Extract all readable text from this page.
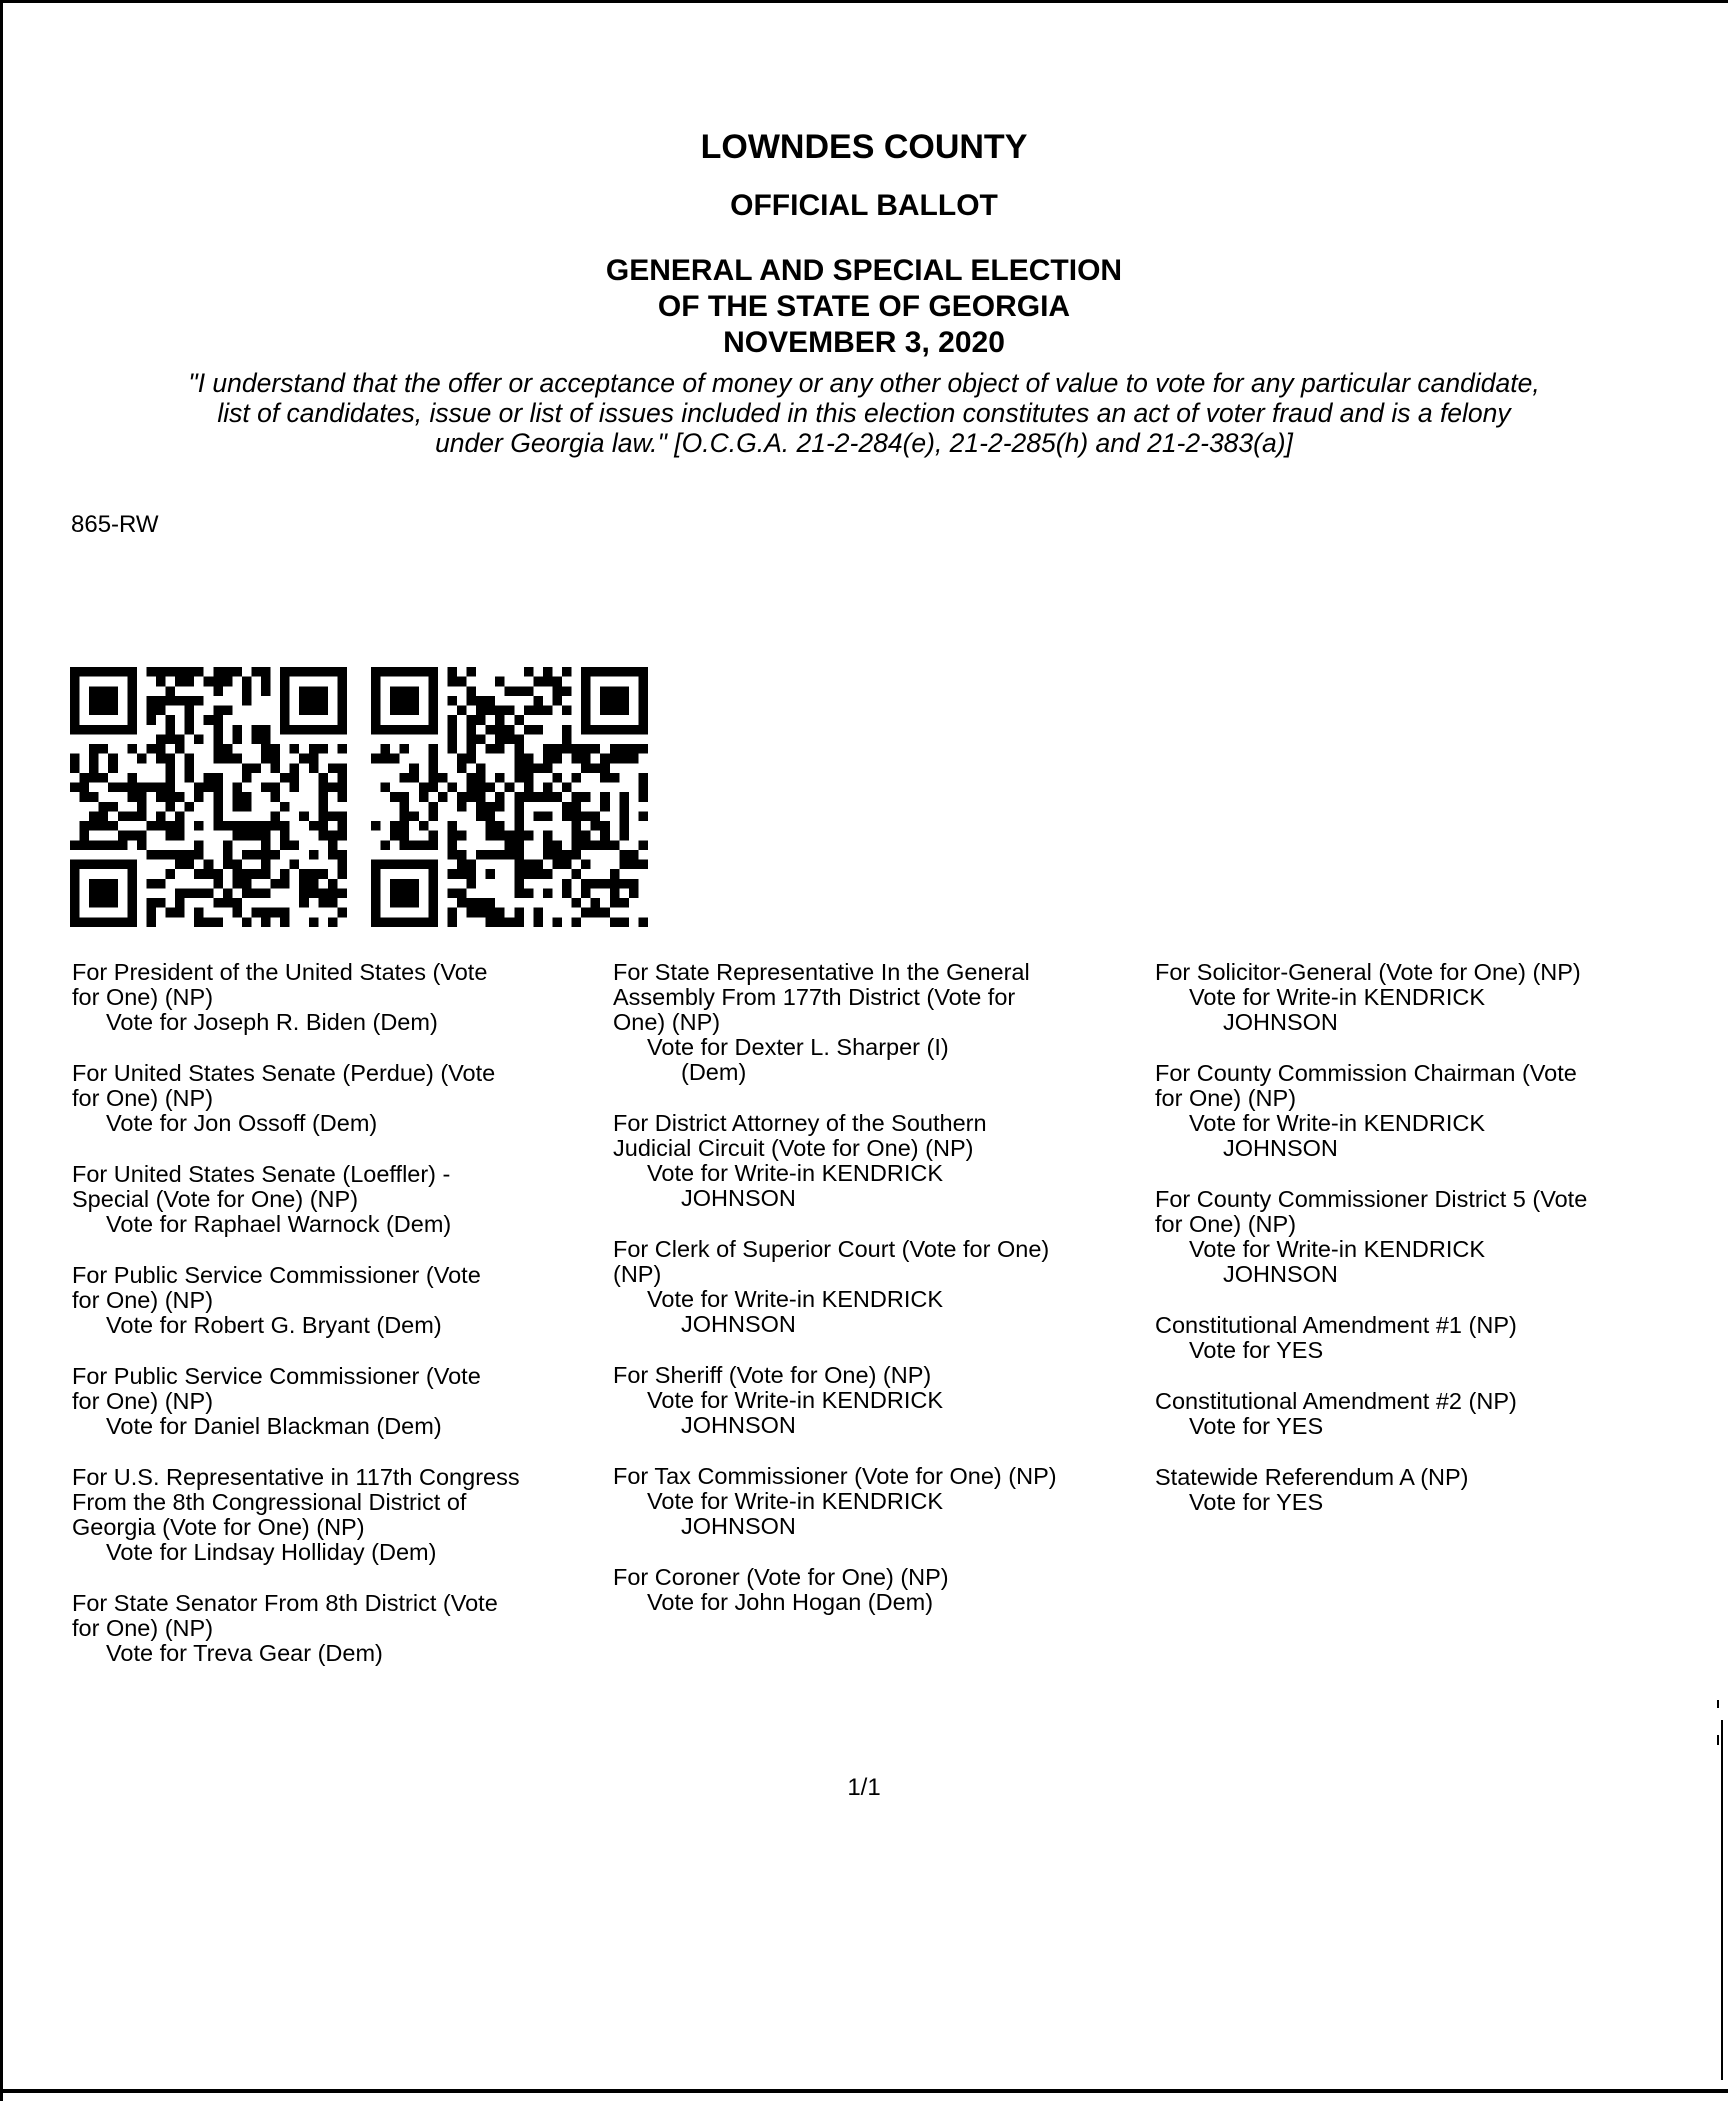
LOWNDES COUNTY
OFFICIAL BALLOT
GENERAL AND SPECIAL ELECTION
OF THE STATE OF GEORGIA
NOVEMBER 3, 2020
"I understand that the offer or acceptance of money or any other object of value to vote for any particular candidate,
list of candidates, issue or list of issues included in this election constitutes an act of voter fraud and is a felony
under Georgia law." [O.C.G.A. 21-2-284(e), 21-2-285(h) and 21-2-383(a)]
865-RW
For President of the United States (Vote
for One) (NP)
Vote for Joseph R. Biden (Dem)
For United States Senate (Perdue) (Vote
for One) (NP)
Vote for Jon Ossoff (Dem)
For United States Senate (Loeffler) -
Special (Vote for One) (NP)
Vote for Raphael Warnock (Dem)
For Public Service Commissioner (Vote
for One) (NP)
Vote for Robert G. Bryant (Dem)
For Public Service Commissioner (Vote
for One) (NP)
Vote for Daniel Blackman (Dem)
For U.S. Representative in 117th Congress
From the 8th Congressional District of
Georgia (Vote for One) (NP)
Vote for Lindsay Holliday (Dem)
For State Senator From 8th District (Vote
for One) (NP)
Vote for Treva Gear (Dem)
For State Representative In the General
Assembly From 177th District (Vote for
One) (NP)
Vote for Dexter L. Sharper (I)
(Dem)
For District Attorney of the Southern
Judicial Circuit (Vote for One) (NP)
Vote for Write-in KENDRICK
JOHNSON
For Clerk of Superior Court (Vote for One)
(NP)
Vote for Write-in KENDRICK
JOHNSON
For Sheriff (Vote for One) (NP)
Vote for Write-in KENDRICK
JOHNSON
For Tax Commissioner (Vote for One) (NP)
Vote for Write-in KENDRICK
JOHNSON
For Coroner (Vote for One) (NP)
Vote for John Hogan (Dem)
For Solicitor-General (Vote for One) (NP)
Vote for Write-in KENDRICK
JOHNSON
For County Commission Chairman (Vote
for One) (NP)
Vote for Write-in KENDRICK
JOHNSON
For County Commissioner District 5 (Vote
for One) (NP)
Vote for Write-in KENDRICK
JOHNSON
Constitutional Amendment #1 (NP)
Vote for YES
Constitutional Amendment #2 (NP)
Vote for YES
Statewide Referendum A (NP)
Vote for YES
1/1
